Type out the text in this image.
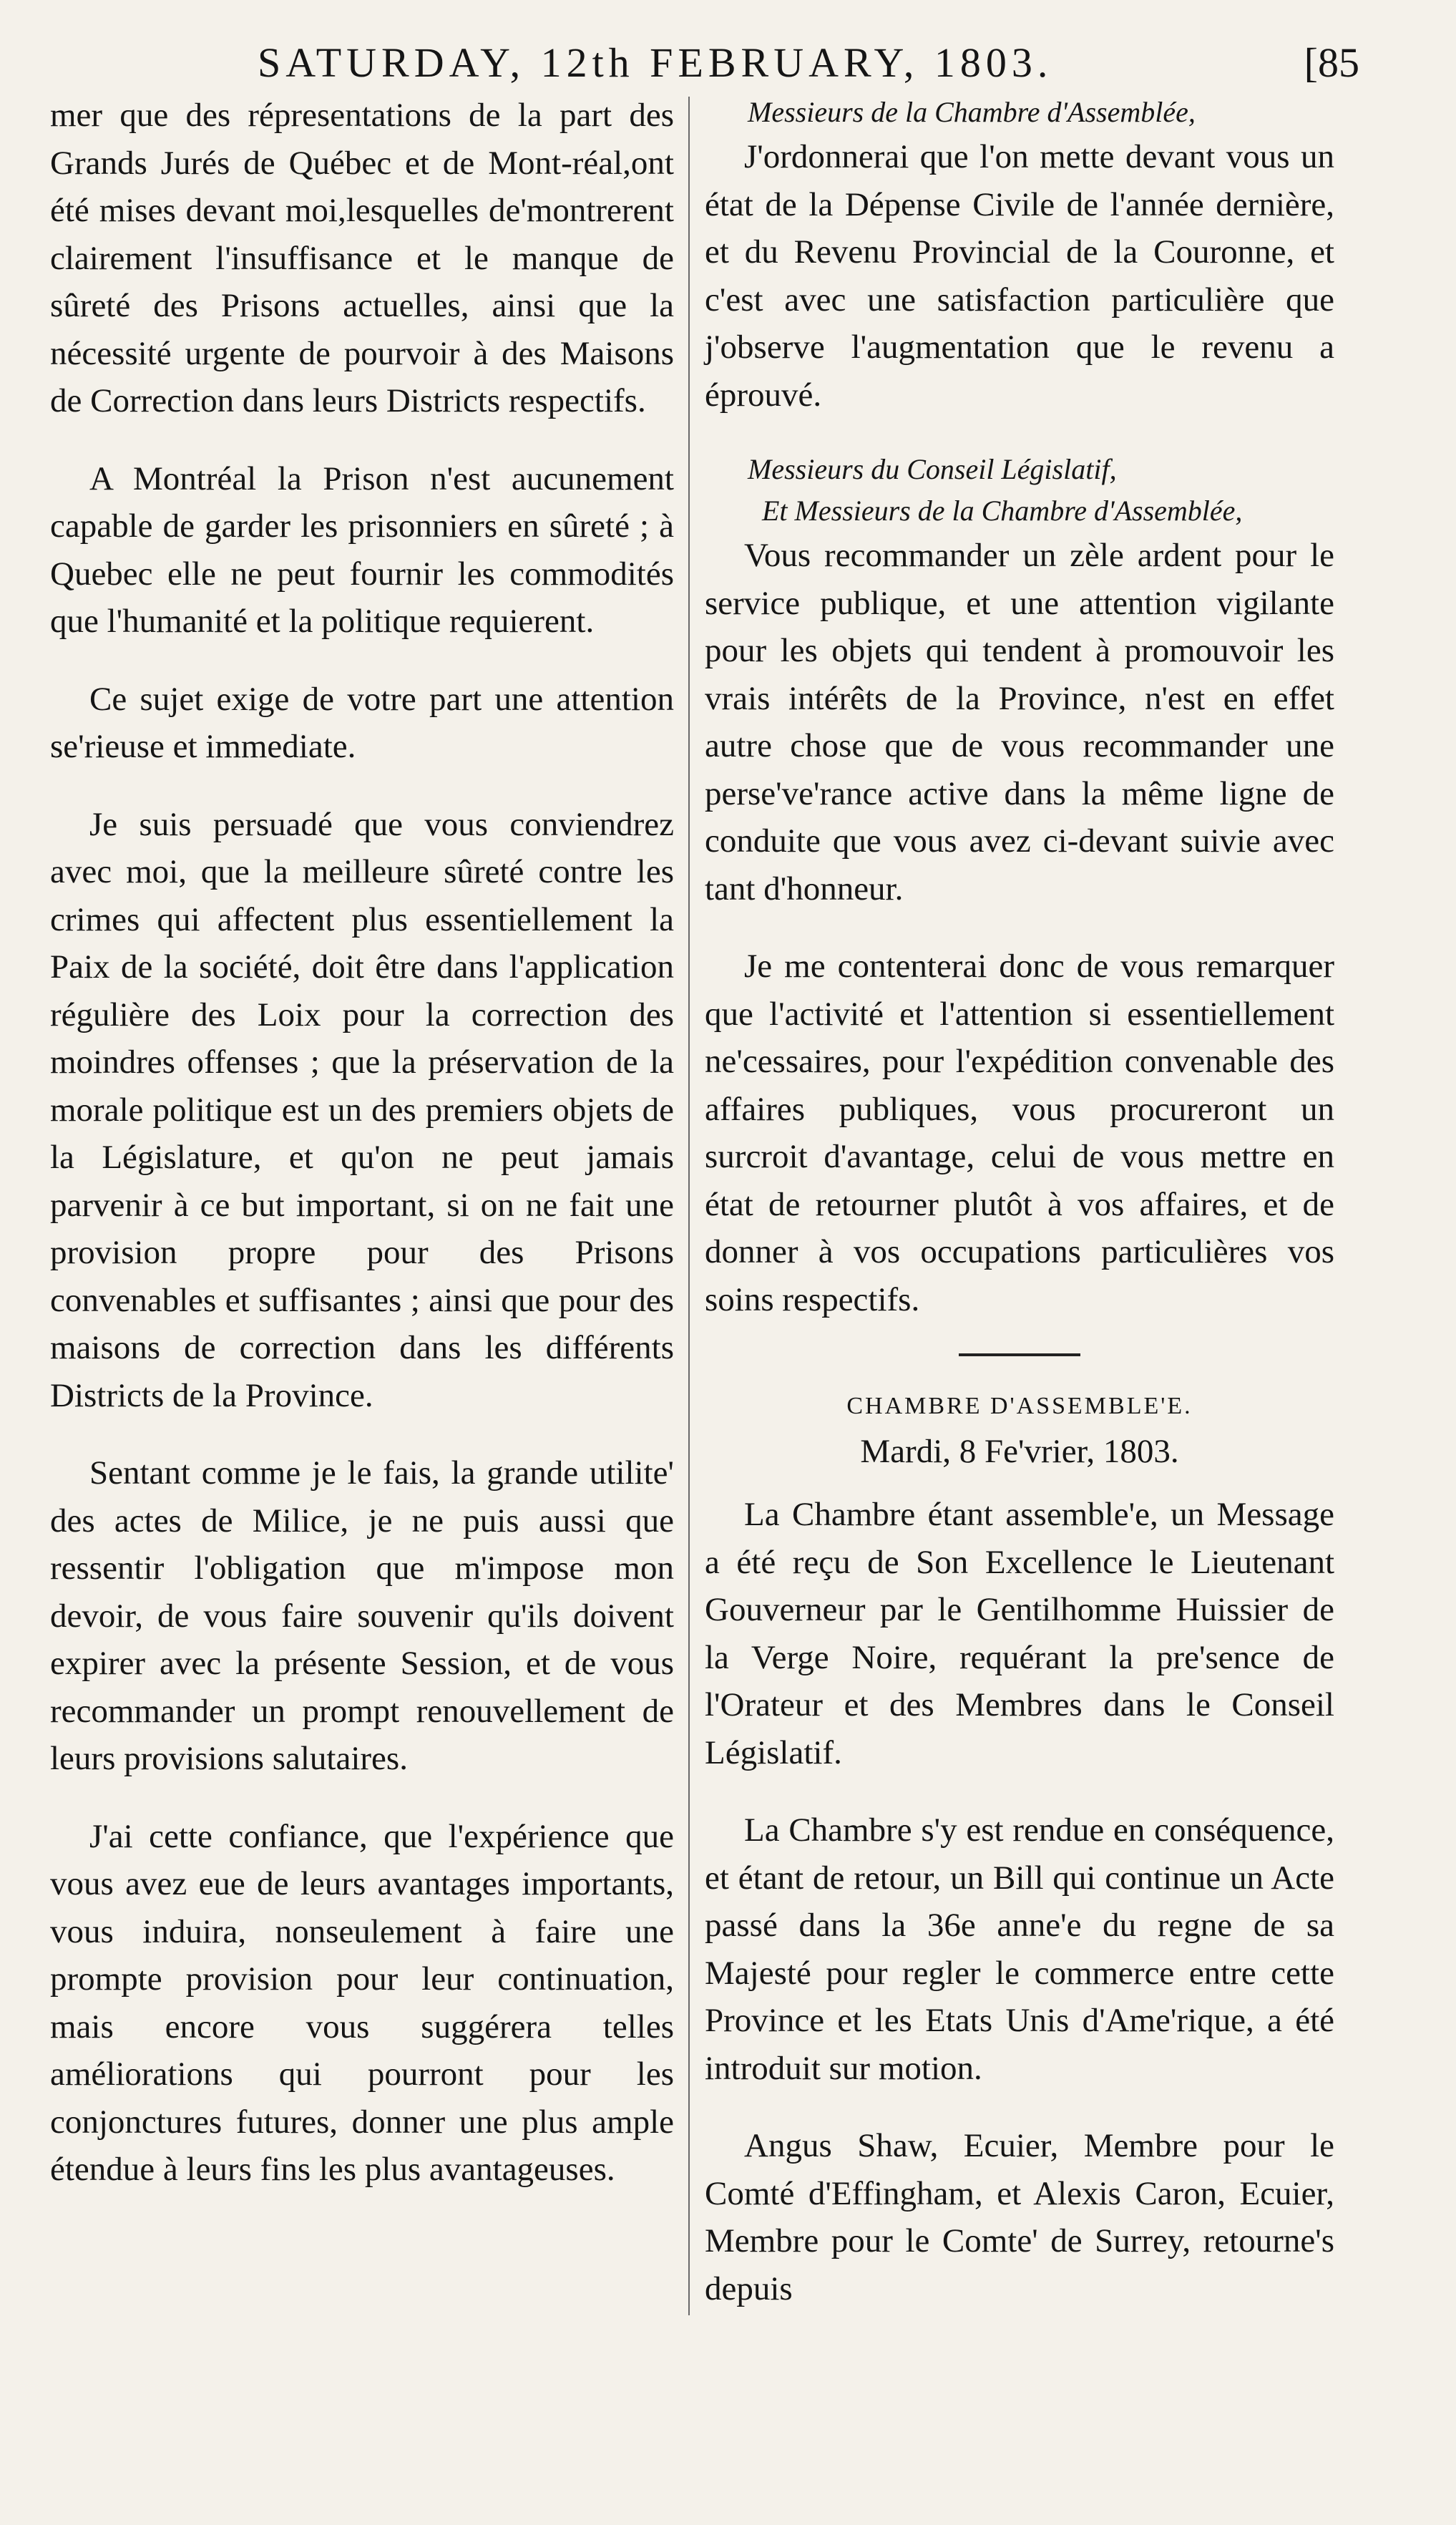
SATURDAY, 12th FEBRUARY, 1803.	[85

mer que des répresentations de la part des Grands Jurés de Québec et de Mont-réal,ont été mises devant moi,lesquelles de'montrerent clairement l'insuffisance et le manque de sûreté des Prisons actuelles, ainsi que la nécessité urgente de pourvoir à des Maisons de Correction dans leurs Districts respectifs.

A Montréal la Prison n'est aucunement capable de garder les prisonniers en sûreté ; à Quebec elle ne peut fournir les commodités que l'humanité et la politique requierent.

Ce sujet exige de votre part une attention se'rieuse et immediate.

Je suis persuadé que vous conviendrez avec moi, que la meilleure sûreté contre les crimes qui affectent plus essentiellement la Paix de la société, doit être dans l'application régulière des Loix pour la correction des moindres offenses ; que la préservation de la morale politique est un des premiers objets de la Législature, et qu'on ne peut jamais parvenir à ce but important, si on ne fait une provision propre pour des Prisons convenables et suffisantes ; ainsi que pour des maisons de correction dans les différents Districts de la Province.

Sentant comme je le fais, la grande utilite' des actes de Milice, je ne puis aussi que ressentir l'obligation que m'impose mon devoir, de vous faire souvenir qu'ils doivent expirer avec la présente Session, et de vous recommander un prompt renouvellement de leurs provisions salutaires.

J'ai cette confiance, que l'expérience que vous avez eue de leurs avantages importants, vous induira, nonseulement à faire une prompte provision pour leur continuation, mais encore vous suggérera telles améliorations qui pourront pour les conjonctures futures, donner une plus ample étendue à leurs fins les plus avantageuses.

Messieurs de la Chambre d'Assemblée,

J'ordonnerai que l'on mette devant vous un état de la Dépense Civile de l'année dernière, et du Revenu Provincial de la Couronne, et c'est avec une satisfaction particulière que j'observe l'augmentation que le revenu a éprouvé.

Messieurs du Conseil Législatif,

Et Messieurs de la Chambre d'Assemblée,

Vous recommander un zèle ardent pour le service publique, et une attention vigilante pour les objets qui tendent à promouvoir les vrais intérêts de la Province, n'est en effet autre chose que de vous recommander une perse've'rance active dans la même ligne de conduite que vous avez ci-devant suivie avec tant d'honneur.

Je me contenterai donc de vous remarquer que l'activité et l'attention si essentiellement ne'cessaires, pour l'expédition convenable des affaires publiques, vous procureront un surcroit d'avantage, celui de vous mettre en état de retourner plutôt à vos affaires, et de donner à vos occupations particulières vos soins respectifs.

CHAMBRE D'ASSEMBLE'E.

Mardi, 8 Fe'vrier, 1803.

La Chambre étant assemble'e, un Message a été reçu de Son Excellence le Lieutenant Gouverneur par le Gentilhomme Huissier de la Verge Noire, requérant la pre'sence de l'Orateur et des Membres dans le Conseil Législatif.

La Chambre s'y est rendue en conséquence, et étant de retour, un Bill qui continue un Acte passé dans la 36e anne'e du regne de sa Majesté pour regler le commerce entre cette Province et les Etats Unis d'Ame'rique, a été introduit sur motion.

Angus Shaw, Ecuier, Membre pour le Comté d'Effingham, et Alexis Caron, Ecuier, Membre pour le Comte' de Surrey, retourne's depuis
